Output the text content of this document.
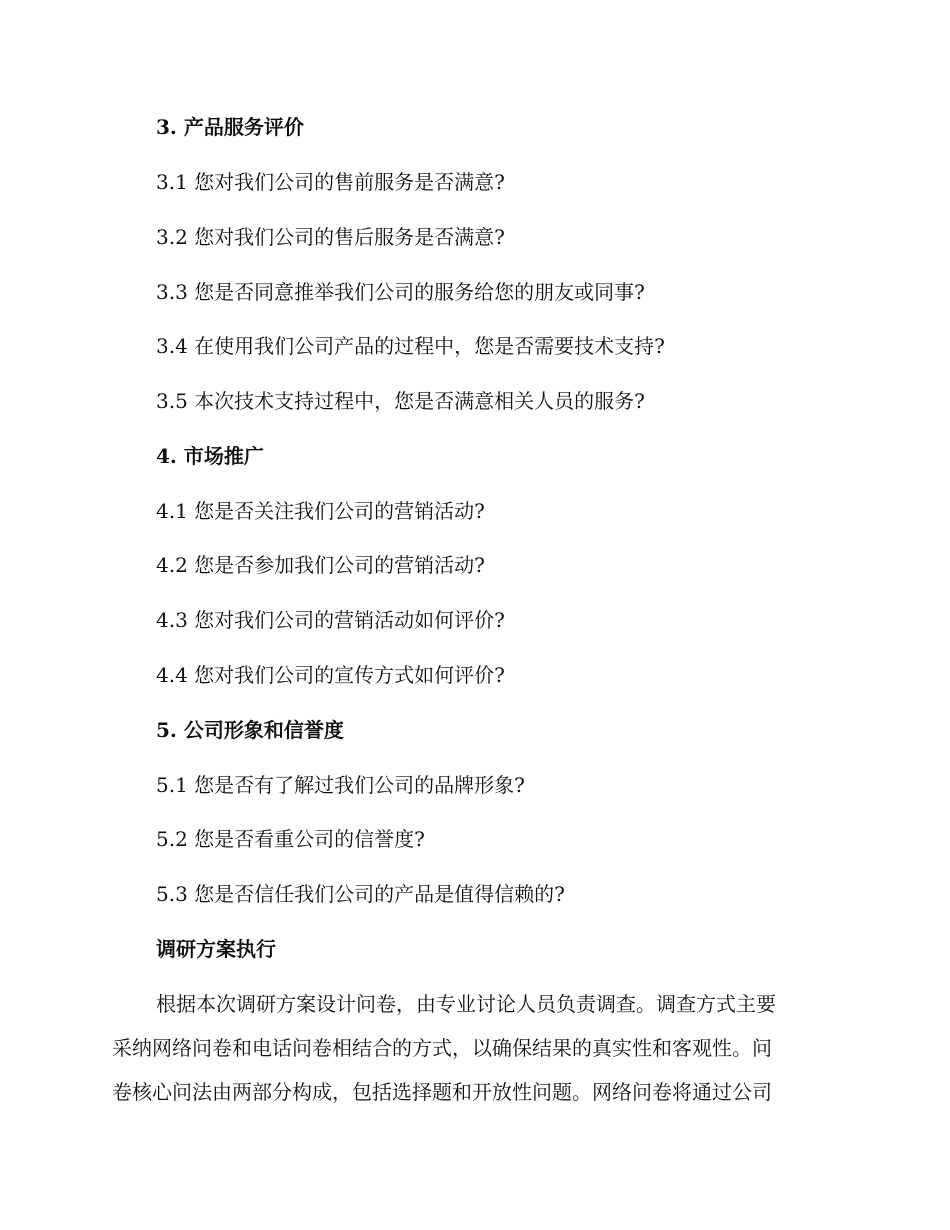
3. 产品服务评价
3.1 您对我们公司的售前服务是否满意?
3.2 您对我们公司的售后服务是否满意?
3.3 您是否同意推举我们公司的服务给您的朋友或同事?
3.4 在使用我们公司产品的过程中，您是否需要技术支持?
3.5 本次技术支持过程中，您是否满意相关人员的服务?
4. 市场推广
4.1 您是否关注我们公司的营销活动?
4.2 您是否参加我们公司的营销活动?
4.3 您对我们公司的营销活动如何评价?
4.4 您对我们公司的宣传方式如何评价?
5. 公司形象和信誉度
5.1 您是否有了解过我们公司的品牌形象?
5.2 您是否看重公司的信誉度?
5.3 您是否信任我们公司的产品是值得信赖的?
调研方案执行
根据本次调研方案设计问卷，由专业讨论人员负责调查。调查方式主要
采纳网络问卷和电话问卷相结合的方式，以确保结果的真实性和客观性。问
卷核心问法由两部分构成，包括选择题和开放性问题。网络问卷将通过公司
